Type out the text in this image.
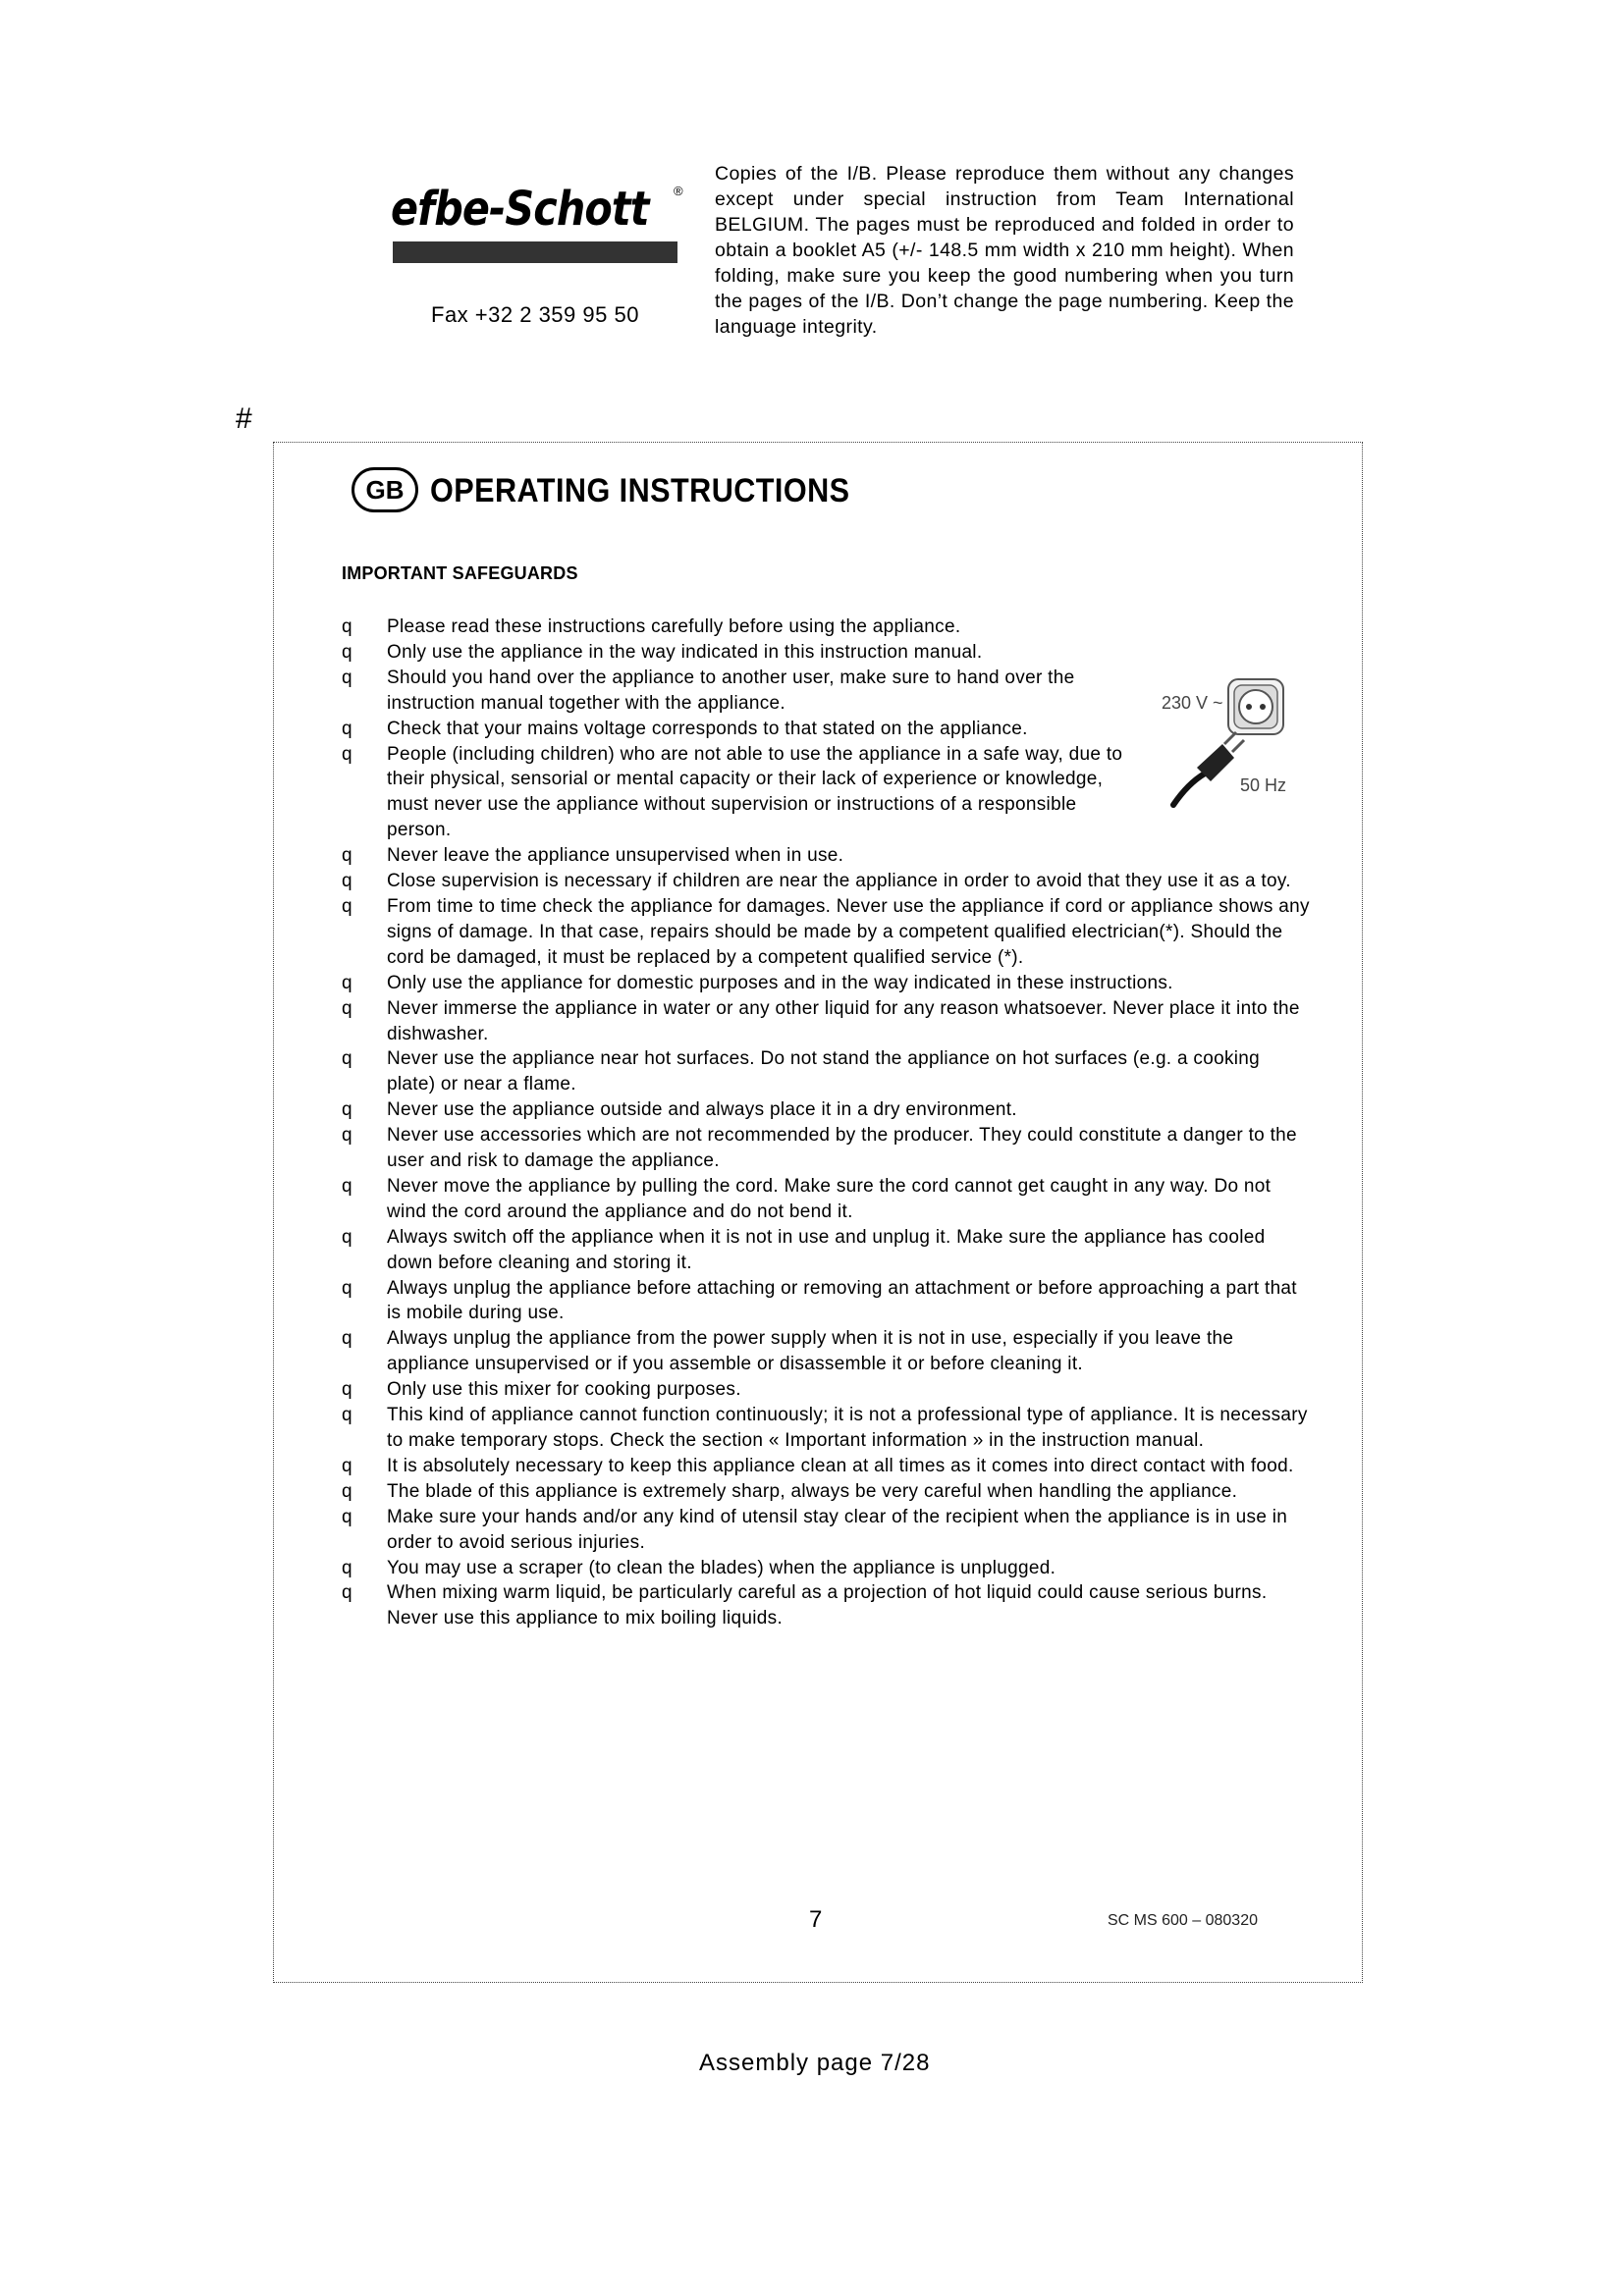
efbe-Schott ®
Fax +32 2 359 95 50
Copies of the I/B. Please reproduce them without any changes except under special instruction from Team International BELGIUM. The pages must be reproduced and folded in order to obtain a booklet A5 (+/- 148.5 mm width x 210 mm height). When folding, make sure you keep the good numbering when you turn the pages of the I/B. Don’t change the page numbering. Keep the language integrity.
#
GB OPERATING INSTRUCTIONS
IMPORTANT SAFEGUARDS
230 V ~
50 Hz
q Please read these instructions carefully before using the appliance.
q Only use the appliance in the way indicated in this instruction manual.
q Should you hand over the appliance to another user, make sure to hand over the instruction manual together with the appliance.
q Check that your mains voltage corresponds to that stated on the appliance.
q People (including children) who are not able to use the appliance in a safe way, due to their physical, sensorial or mental capacity or their lack of experience or knowledge, must never use the appliance without supervision or instructions of a responsible person.
q Never leave the appliance unsupervised when in use.
q Close supervision is necessary if children are near the appliance in order to avoid that they use it as a toy.
q From time to time check the appliance for damages. Never use the appliance if cord or appliance shows any signs of damage. In that case, repairs should be made by a competent qualified electrician(*). Should the cord be damaged, it must be replaced by a competent qualified service (*).
q Only use the appliance for domestic purposes and in the way indicated in these instructions.
q Never immerse the appliance in water or any other liquid for any reason whatsoever. Never place it into the dishwasher.
q Never use the appliance near hot surfaces. Do not stand the appliance on hot surfaces (e.g. a cooking plate) or near a flame.
q Never use the appliance outside and always place it in a dry environment.
q Never use accessories which are not recommended by the producer. They could constitute a danger to the user and risk to damage the appliance.
q Never move the appliance by pulling the cord. Make sure the cord cannot get caught in any way. Do not wind the cord around the appliance and do not bend it.
q Always switch off the appliance when it is not in use and unplug it. Make sure the appliance has cooled down before cleaning and storing it.
q Always unplug the appliance before attaching or removing an attachment or before approaching a part that is mobile during use.
q Always unplug the appliance from the power supply when it is not in use, especially if you leave the appliance unsupervised or if you assemble or disassemble it or before cleaning it.
q Only use this mixer for cooking purposes.
q This kind of appliance cannot function continuously; it is not a professional type of appliance. It is necessary to make temporary stops. Check the section « Important information » in the instruction manual.
q It is absolutely necessary to keep this appliance clean at all times as it comes into direct contact with food.
q The blade of this appliance is extremely sharp, always be very careful when handling the appliance.
q Make sure your hands and/or any kind of utensil stay clear of the recipient when the appliance is in use in order to avoid serious injuries.
q You may use a scraper (to clean the blades) when the appliance is unplugged.
q When mixing warm liquid, be particularly careful as a projection of hot liquid could cause serious burns. Never use this appliance to mix boiling liquids.
7	SC MS 600 – 080320
Assembly page 7/28
